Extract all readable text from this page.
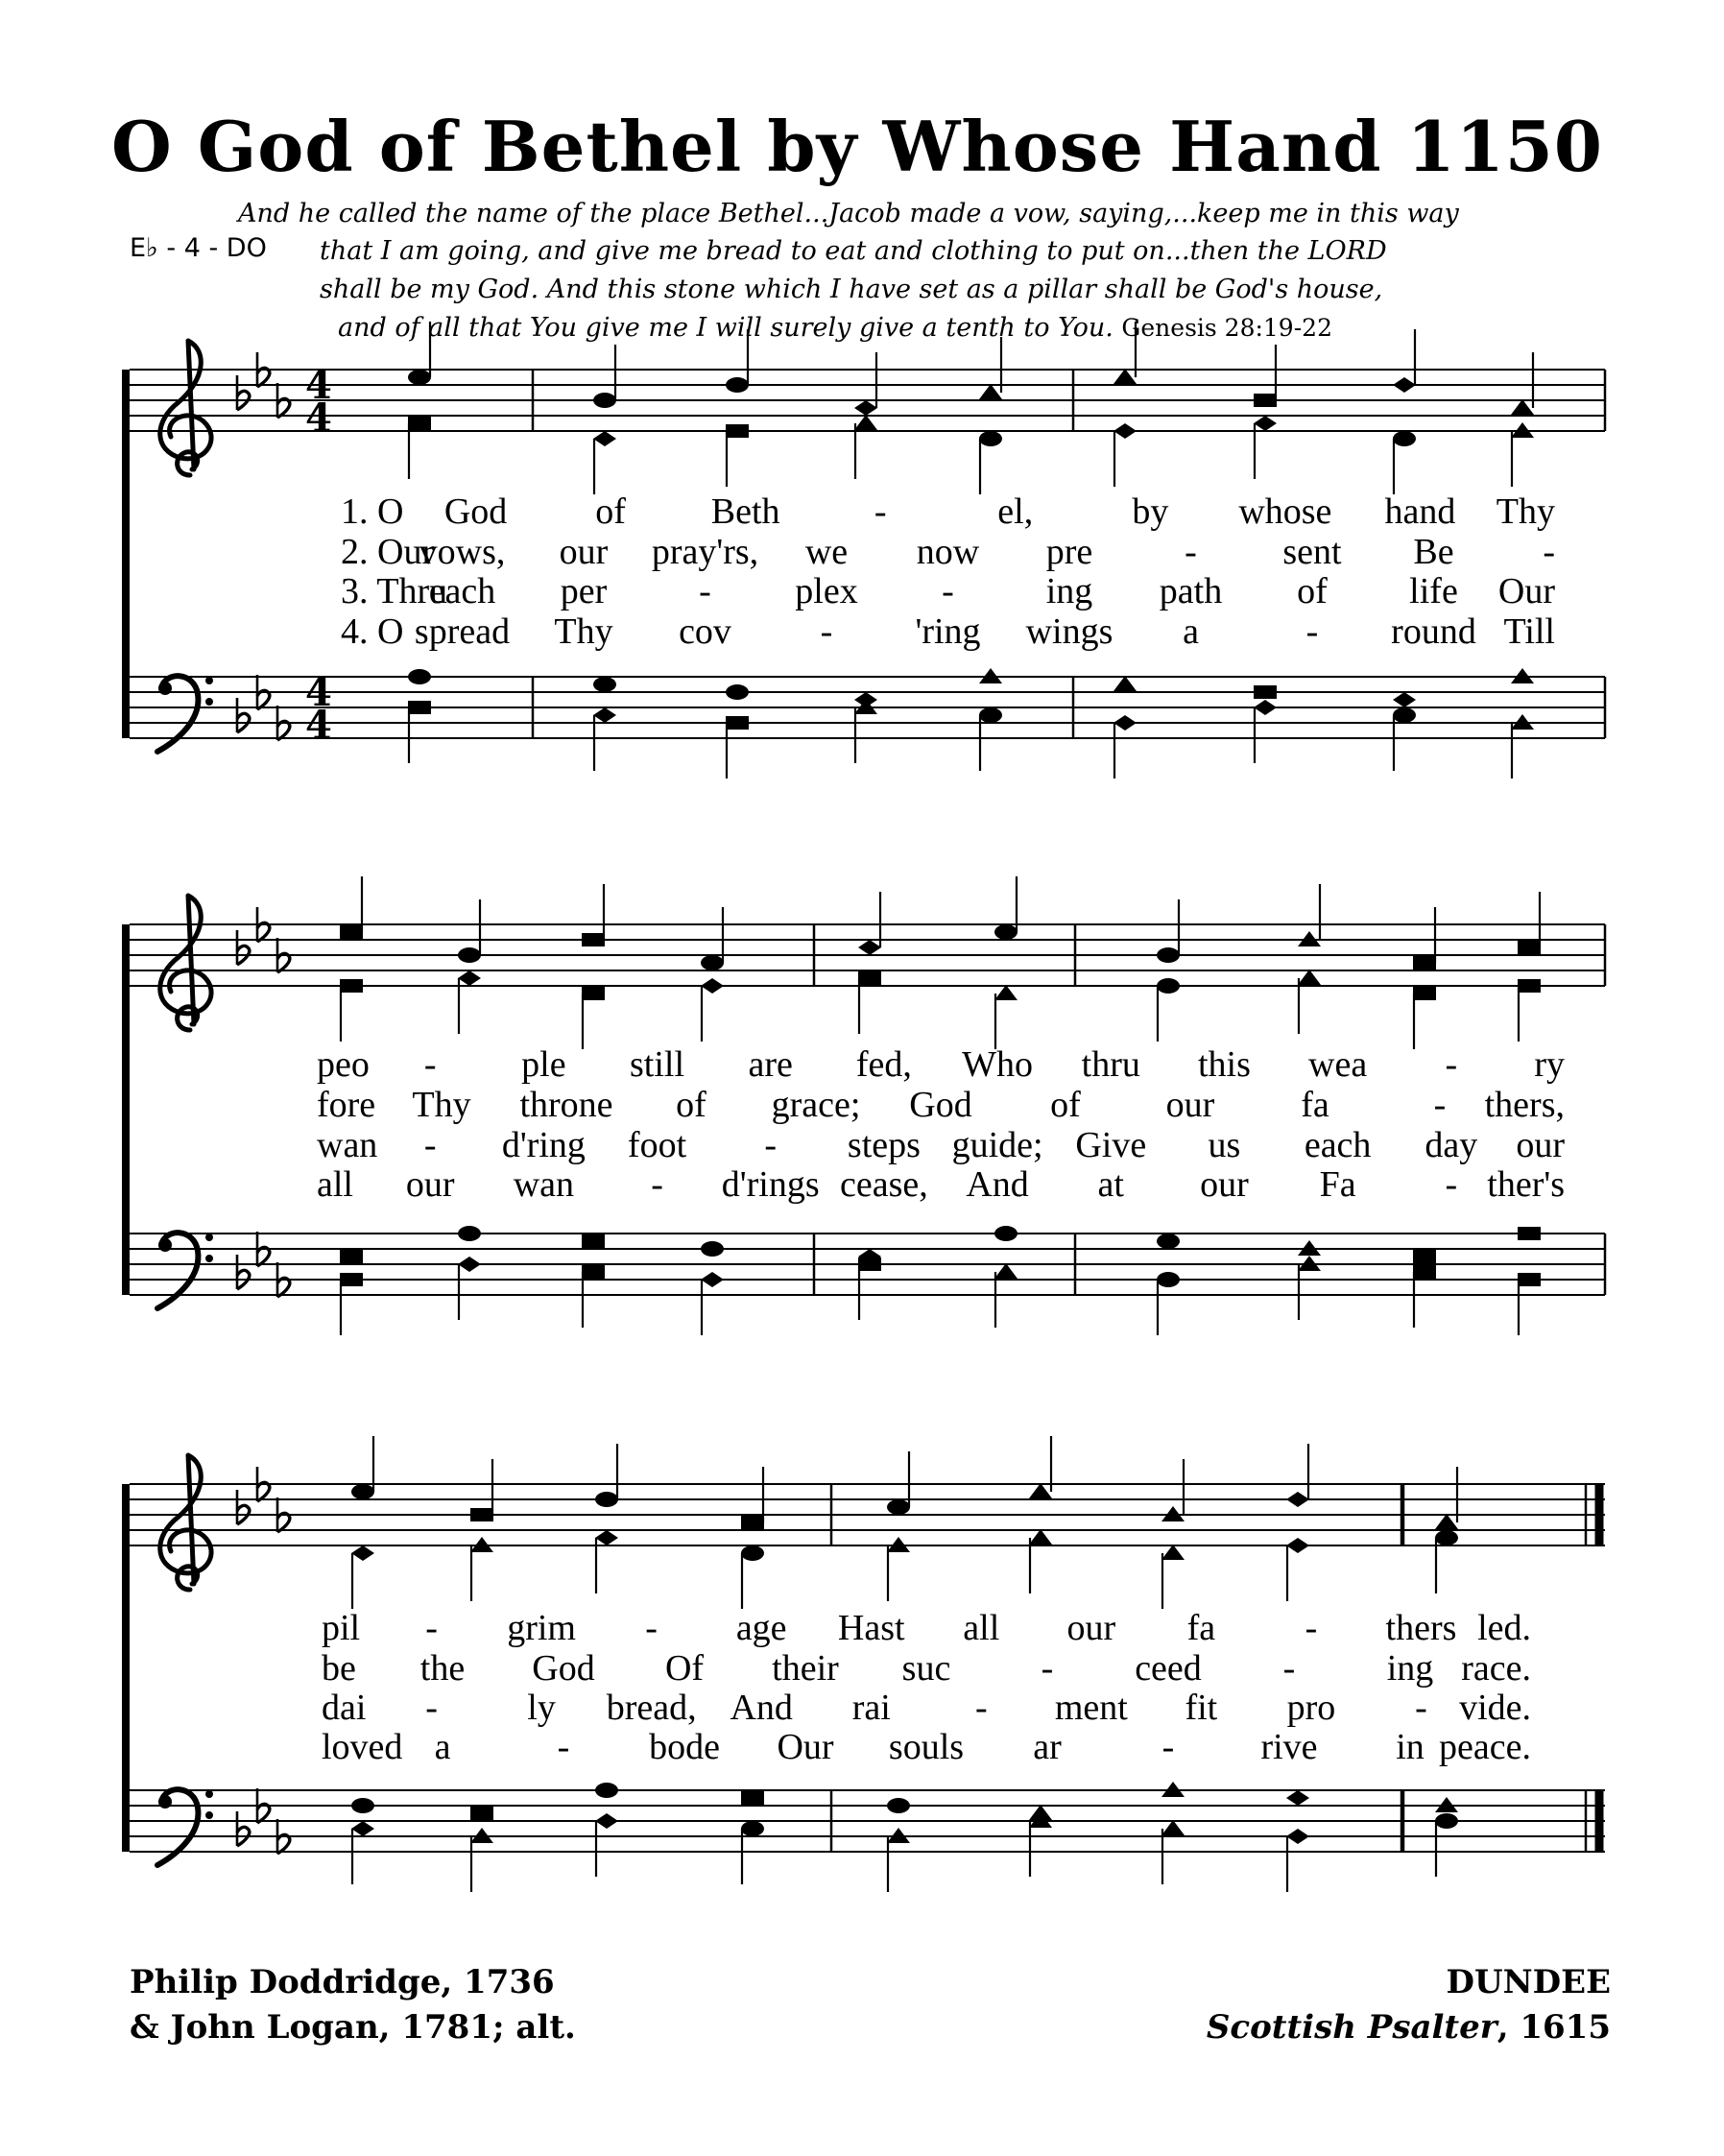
O God of Bethel by Whose Hand 1150
And he called the name of the place Bethel...Jacob made a vow, saying,...keep me in this way
that I am going, and give me bread to eat and clothing to put on...then the LORD
shall be my God. And this stone which I have set as a pillar shall be God's house,
and of all that You give me I will surely give a tenth to You. Genesis 28:19-22
E♭ - 4 - DO
4
4
4
4
1. O God of Beth	-	el,	by whose hand Thy
2. Our
vows, our pray'rs, we now pre	- sent Be -
3. Thru
each per	- plex -	ing path of life Our
4. O spread Thy cov - 'ring wings a	- round Till
peo - ple still are fed, Who thru this wea - ry
fore Thy throne of grace; God of our fa	- thers,
wan - d'ring foot - steps guide; Give us each day our
all our wan - d'rings cease, And at our Fa - ther's
pil - grim - age Hast all our fa - thers led.
be the God Of their suc - ceed -	ing race.
dai - ly bread, And rai - ment fit pro - vide.
loved a	- bode Our souls ar	- rive in peace.
Philip Doddridge, 1736
& John Logan, 1781; alt.
DUNDEE
Scottish Psalter, 1615
